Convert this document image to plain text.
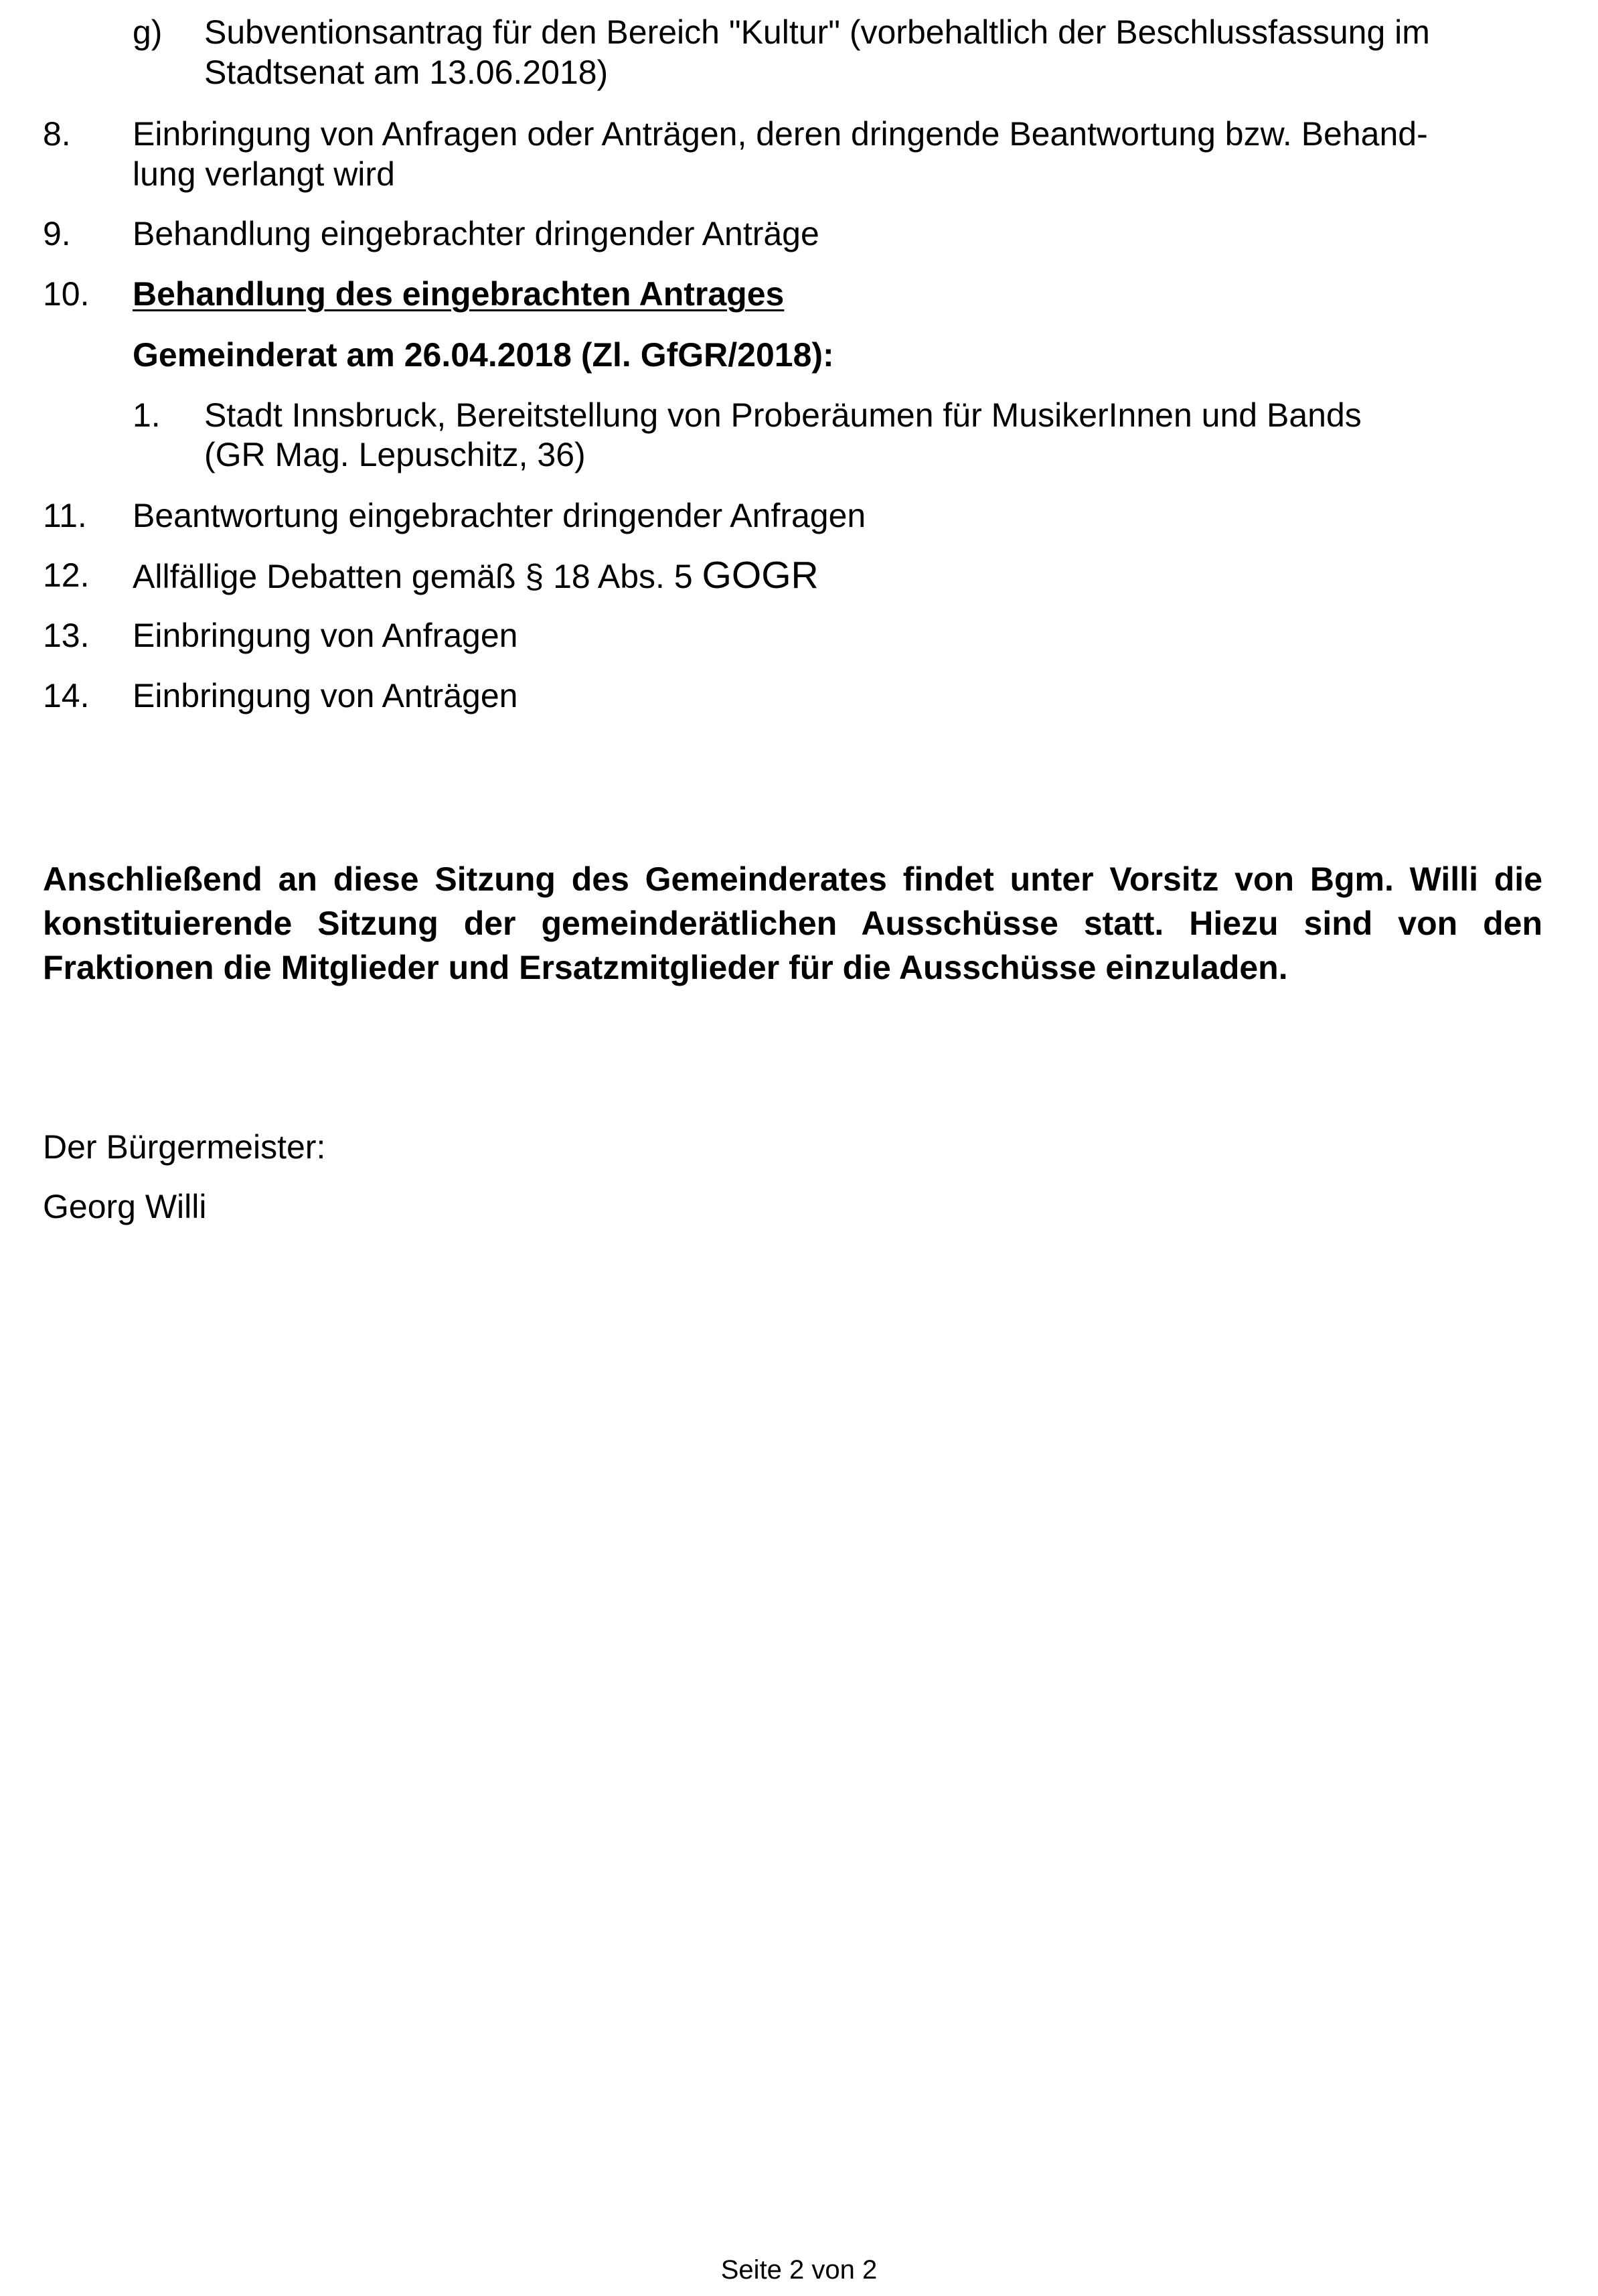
g) Subventionsantrag für den Bereich "Kultur" (vorbehaltlich der Beschlussfassung im
Stadtsenat am 13.06.2018)
8. Einbringung von Anfragen oder Anträgen, deren dringende Beantwortung bzw. Behand-
lung verlangt wird
9. Behandlung eingebrachter dringender Anträge
10. Behandlung des eingebrachten Antrages
Gemeinderat am 26.04.2018 (Zl. GfGR/2018):
1. Stadt Innsbruck, Bereitstellung von Proberäumen für MusikerInnen und Bands
(GR Mag. Lepuschitz, 36)
11. Beantwortung eingebrachter dringender Anfragen
12. Allfällige Debatten gemäß § 18 Abs. 5 GOGR
13. Einbringung von Anfragen
14. Einbringung von Anträgen
Anschließend an diese Sitzung des Gemeinderates findet unter Vorsitz von Bgm. Willi die konstituierende Sitzung der gemeinderätlichen Ausschüsse statt. Hiezu sind von den Fraktionen die Mitglieder und Ersatzmitglieder für die Ausschüsse einzuladen.
Der Bürgermeister:
Georg Willi
Seite 2 von 2
